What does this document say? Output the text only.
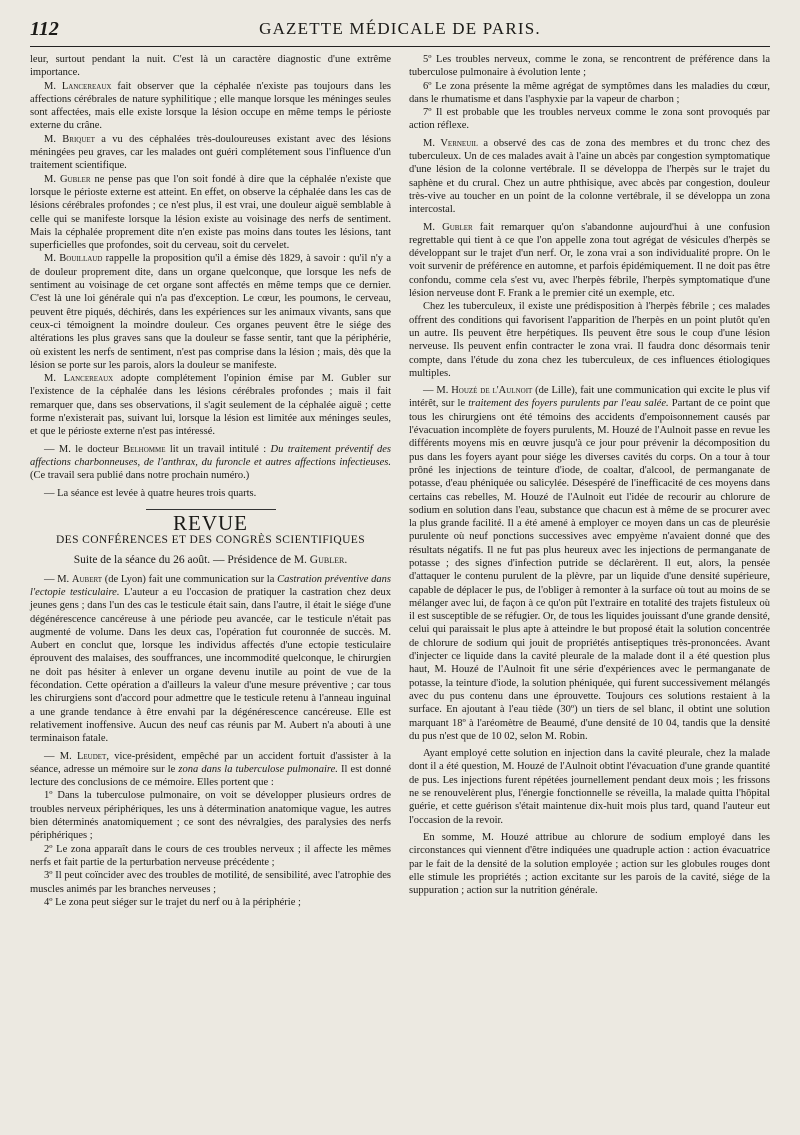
112	GAZETTE MÉDICALE DE PARIS.

leur, surtout pendant la nuit. C'est là un caractère diagnostic d'une extrême importance.

M. Lancereaux fait observer que la céphalée n'existe pas toujours dans les affections cérébrales de nature syphilitique ; elle manque lorsque les méninges seules sont affectées, mais elle existe lorsque la lésion occupe en même temps le périoste externe du crâne.

M. Briquet a vu des céphalées très-douloureuses existant avec des lésions méningées peu graves, car les malades ont guéri complétement sous l'influence d'un traitement scientifique.

M. Gubler ne pense pas que l'on soit fondé à dire que la céphalée n'existe que lorsque le périoste externe est atteint. En effet, on observe la céphalée dans les cas de lésions cérébrales profondes ; ce n'est plus, il est vrai, une douleur aiguë semblable à celle qui se manifeste lorsque la lésion existe au voisinage des nerfs de sentiment. Mais la céphalée proprement dite n'en existe pas moins dans toutes les lésions, tant superficielles que profondes, soit du cerveau, soit du cervelet.

M. Bouillaud rappelle la proposition qu'il a émise dès 1829, à savoir : qu'il n'y a de douleur proprement dite, dans un organe quelconque, que lorsque les nefs de sentiment au voisinage de cet organe sont affectés en même temps que ce dernier. C'est là une loi générale qui n'a pas d'exception. Le cœur, les poumons, le cerveau, peuvent être piqués, déchirés, dans les expériences sur les animaux vivants, sans que ceux-ci témoignent la moindre douleur. Ces organes peuvent être le siége des altérations les plus graves sans que la douleur se fasse sentir, tant que la périphérie, où existent les nerfs de sentiment, n'est pas comprise dans la lésion ; mais, dès que la lésion se porte sur les parois, alors la douleur se manifeste.

M. Lancereaux adopte complétement l'opinion émise par M. Gubler sur l'existence de la céphalée dans les lésions cérébrales profondes ; mais il fait remarquer que, dans ses observations, il s'agit seulement de la céphalée aiguë ; cette forme n'existerait pas, suivant lui, lorsque la lésion est limitée aux méninges seules, et que le périoste externe n'est pas intéressé.

— M. le docteur Belhomme lit un travail intitulé : Du traitement préventif des affections charbonneuses, de l'anthrax, du furoncle et autres affections infectieuses. (Ce travail sera publié dans notre prochain numéro.)

— La séance est levée à quatre heures trois quarts.

REVUE
DES CONFÉRENCES ET DES CONGRÈS SCIENTIFIQUES
Suite de la séance du 26 août. — Présidence de M. Gubler.

— M. Aubert (de Lyon) fait une communication sur la Castration préventive dans l'ectopie testiculaire. L'auteur a eu l'occasion de pratiquer la castration chez deux jeunes gens ; dans l'un des cas le testicule était sain, dans l'autre, il était le siége d'une dégénérescence cancéreuse à une période peu avancée, car le testicule n'était pas augmenté de volume. Dans les deux cas, l'opération fut couronnée de succès. M. Aubert en conclut que, lorsque les individus affectés d'une ectopie testiculaire éprouvent des malaises, des souffrances, une incommodité quelconque, le chirurgien ne doit pas hésiter à enlever un organe devenu inutile au point de vue de la fécondation. Cette opération a d'ailleurs la valeur d'une mesure préventive ; car tous les chirurgiens sont d'accord pour admettre que le testicule retenu à l'anneau inguinal a une grande tendance à être envahi par la dégénérescence cancéreuse. Elle est relativement inoffensive. Aucun des neuf cas réunis par M. Aubert n'a abouti à une terminaison fatale.

— M. Leudet, vice-président, empêché par un accident fortuit d'assister à la séance, adresse un mémoire sur le zona dans la tuberculose pulmonaire. Il est donné lecture des conclusions de ce mémoire. Elles portent que :

1º Dans la tuberculose pulmonaire, on voit se développer plusieurs ordres de troubles nerveux périphériques, les uns à détermination anatomique vague, les autres bien déterminés anatomiquement ; ce sont des névralgies, des paralysies des nerfs périphériques ;

2º Le zona apparaît dans le cours de ces troubles nerveux ; il affecte les mêmes nerfs et fait partie de la perturbation nerveuse précédente ;

3º Il peut coïncider avec des troubles de motilité, de sensibilité, avec l'atrophie des muscles animés par les branches nerveuses ;

4º Le zona peut siéger sur le trajet du nerf ou à la périphérie ;

5º Les troubles nerveux, comme le zona, se rencontrent de préférence dans la tuberculose pulmonaire à évolution lente ;

6º Le zona présente la même agrégat de symptômes dans les maladies du cœur, dans le rhumatisme et dans l'asphyxie par la vapeur de charbon ;

7º Il est probable que les troubles nerveux comme le zona sont provoqués par action réflexe.

M. Verneuil a observé des cas de zona des membres et du tronc chez des tuberculeux. Un de ces malades avait à l'aine un abcès par congestion symptomatique d'une lésion de la colonne vertébrale. Il se développa de l'herpès sur le trajet du saphène et du crural. Chez un autre phthisique, avec abcès par congestion, douleur très-vive au toucher en un point de la colonne vertébrale, il se développa un zona intercostal.

M. Gubler fait remarquer qu'on s'abandonne aujourd'hui à une confusion regrettable qui tient à ce que l'on appelle zona tout agrégat de vésicules d'herpès se développant sur le trajet d'un nerf. Or, le zona vrai a son individualité propre. On le voit survenir de préférence en automne, et parfois épidémiquement. Il ne doit pas être confondu, comme cela s'est vu, avec l'herpès fébrile, l'herpès symptomatique d'une lésion nerveuse dont F. Frank a le premier cité un exemple, etc.

Chez les tuberculeux, il existe une prédisposition à l'herpès fébrile ; ces malades offrent des conditions qui favorisent l'apparition de l'herpès en un point plutôt qu'en un autre. Ils peuvent être herpétiques. Ils peuvent être sous le coup d'une lésion nerveuse. Ils peuvent enfin contracter le zona vrai. Il faudra donc désormais tenir compte, dans l'étude du zona chez les tuberculeux, de ces influences étiologiques multiples.

— M. Houzé de l'Aulnoit (de Lille), fait une communication qui excite le plus vif intérêt, sur le traitement des foyers purulents par l'eau salée. Partant de ce point que tous les chirurgiens ont été témoins des accidents d'empoisonnement causés par l'évacuation incomplète de foyers purulents, M. Houzé de l'Aulnoit passe en revue les différents moyens mis en œuvre jusqu'à ce jour pour prévenir la décomposition du pus dans les foyers ayant pour siége les diverses cavités du corps. On a tour à tour prôné les injections de teinture d'iode, de coaltar, d'alcool, de permanganate de potasse, d'eau phéniquée ou salicylée. Désespéré de l'inefficacité de ces moyens dans certains cas rebelles, M. Houzé de l'Aulnoit eut l'idée de recourir au chlorure de sodium en solution dans l'eau, substance que chacun est à même de se procurer avec la plus grande facilité. Il a été amené à employer ce moyen dans un cas de pleurésie purulente où neuf ponctions successives avec empyème n'avaient donné que des résultats négatifs. Il ne fut pas plus heureux avec les injections de permanganate de potasse ; des signes d'infection putride se déclarèrent. Il eut, alors, la pensée d'attaquer le contenu purulent de la plèvre, par un liquide d'une densité supérieure, capable de déplacer le pus, de l'obliger à remonter à la surface où tout au moins de se mélanger avec lui, de façon à ce qu'on pût l'extraire en totalité des trajets fistuleux où il est susceptible de se réfugier. Or, de tous les liquides jouissant d'une grande densité, celui qui paraissait le plus apte à atteindre le but proposé était la solution concentrée de chlorure de sodium qui jouit de propriétés antiseptiques très-prononcées. Avant d'injecter ce liquide dans la cavité pleurale de la malade dont il a été question plus haut, M. Houzé de l'Aulnoit fit une série d'expériences avec le permanganate de potasse, la teinture d'iode, la solution phéniquée, qui furent successivement mélangés avec du pus contenu dans une éprouvette. Toujours ces solutions restaient à la surface. En ajoutant à l'eau tiède (30º) un tiers de sel blanc, il obtint une solution marquant 18º à l'aréomètre de Beaumé, d'une densité de 10 04, tandis que la densité du pus n'est que de 10 02, selon M. Robin.

Ayant employé cette solution en injection dans la cavité pleurale, chez la malade dont il a été question, M. Houzé de l'Aulnoit obtint l'évacuation d'une grande quantité de pus. Les injections furent répétées journellement pendant deux mois ; les frissons ne se renouvelèrent plus, l'énergie fonctionnelle se réveilla, la malade quitta l'hôpital guérie, et cette guérison s'était maintenue dix-huit mois plus tard, quand l'auteur eut l'occasion de la revoir.

En somme, M. Houzé attribue au chlorure de sodium employé dans les circonstances qui viennent d'être indiquées une quadruple action : action évacuatrice par le fait de la densité de la solution employée ; action sur les globules rouges dont elle stimule les propriétés ; action excitante sur les parois de la cavité, siége de la suppuration ; action sur la nutrition générale.
